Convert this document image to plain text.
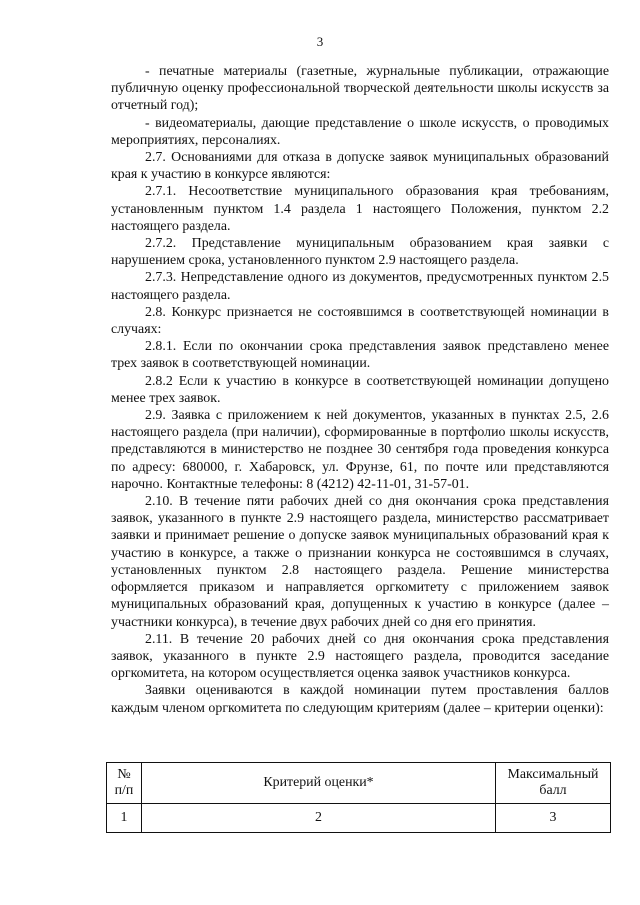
3

- печатные материалы (газетные, журнальные публикации, отражающие публичную оценку профессиональной творческой деятельности школы искусств за отчетный год);

- видеоматериалы, дающие представление о школе искусств, о проводимых мероприятиях, персоналиях.

2.7. Основаниями для отказа в допуске заявок муниципальных образований края к участию в конкурсе являются:

2.7.1. Несоответствие муниципального образования края требованиям, установленным пунктом 1.4 раздела 1 настоящего Положения, пунктом 2.2 настоящего раздела.

2.7.2. Представление муниципальным образованием края заявки с нарушением срока, установленного пунктом 2.9 настоящего раздела.

2.7.3. Непредставление одного из документов, предусмотренных пунктом 2.5 настоящего раздела.

2.8. Конкурс признается не состоявшимся в соответствующей номинации в случаях:

2.8.1. Если по окончании срока представления заявок представлено менее трех заявок в соответствующей номинации.

2.8.2 Если к участию в конкурсе в соответствующей номинации допущено менее трех заявок.

2.9. Заявка с приложением к ней документов, указанных в пунктах 2.5, 2.6 настоящего раздела (при наличии), сформированные в портфолио школы искусств, представляются в министерство не позднее 30 сентября года проведения конкурса по адресу: 680000, г. Хабаровск, ул. Фрунзе, 61, по почте или представляются нарочно. Контактные телефоны: 8 (4212) 42-11-01, 31-57-01.

2.10. В течение пяти рабочих дней со дня окончания срока представления заявок, указанного в пункте 2.9 настоящего раздела, министерство рассматривает заявки и принимает решение о допуске заявок муниципальных образований края к участию в конкурсе, а также о признании конкурса не состоявшимся в случаях, установленных пунктом 2.8 настоящего раздела. Решение министерства оформляется приказом и направляется оргкомитету с приложением заявок муниципальных образований края, допущенных к участию в конкурсе (далее – участники конкурса), в течение двух рабочих дней со дня его принятия.

2.11. В течение 20 рабочих дней со дня окончания срока представления заявок, указанного в пункте 2.9 настоящего раздела, проводится заседание оргкомитета, на котором осуществляется оценка заявок участников конкурса.

Заявки оцениваются в каждой номинации путем проставления баллов каждым членом оргкомитета по следующим критериям (далее – критерии оценки):

№ п/п	Критерий оценки*	Максимальный балл
1	2	3
